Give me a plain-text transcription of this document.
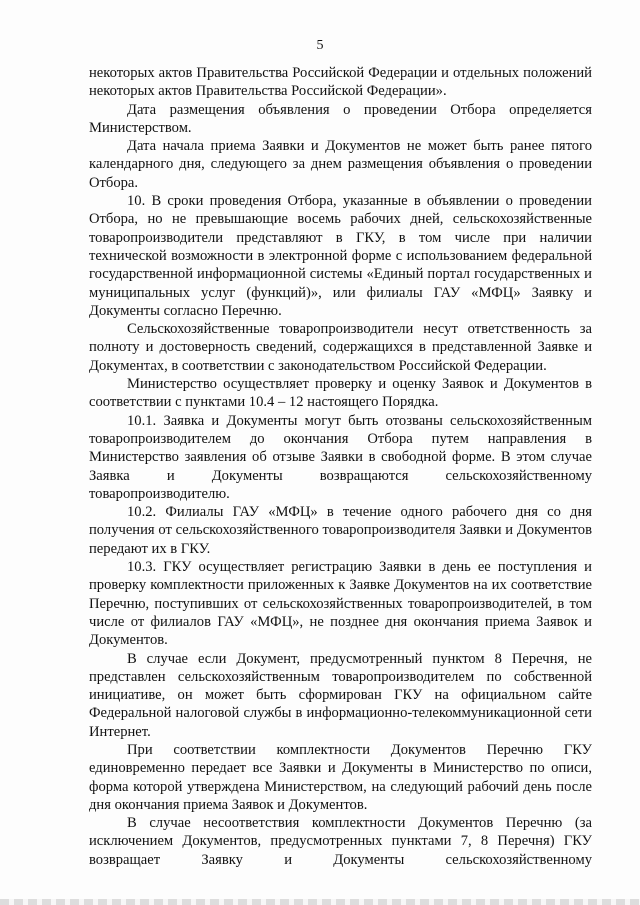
5

некоторых актов Правительства Российской Федерации и отдельных положений некоторых актов Правительства Российской Федерации».

Дата размещения объявления о проведении Отбора определяется Министерством.

Дата начала приема Заявки и Документов не может быть ранее пятого календарного дня, следующего за днем размещения объявления о проведении Отбора.

10. В сроки проведения Отбора, указанные в объявлении о проведении Отбора, но не превышающие восемь рабочих дней, сельскохозяйственные товаропроизводители представляют в ГКУ, в том числе при наличии технической возможности в электронной форме с использованием федеральной государственной информационной системы «Единый портал государственных и муниципальных услуг (функций)», или филиалы ГАУ «МФЦ» Заявку и Документы согласно Перечню.

Сельскохозяйственные товаропроизводители несут ответственность за полноту и достоверность сведений, содержащихся в представленной Заявке и Документах, в соответствии с законодательством Российской Федерации.

Министерство осуществляет проверку и оценку Заявок и Документов в соответствии с пунктами 10.4 – 12 настоящего Порядка.

10.1. Заявка и Документы могут быть отозваны сельскохозяйственным товаропроизводителем до окончания Отбора путем направления в Министерство заявления об отзыве Заявки в свободной форме. В этом случае Заявка и Документы возвращаются сельскохозяйственному товаропроизводителю.

10.2. Филиалы ГАУ «МФЦ» в течение одного рабочего дня со дня получения от сельскохозяйственного товаропроизводителя Заявки и Документов передают их в ГКУ.

10.3. ГКУ осуществляет регистрацию Заявки в день ее поступления и проверку комплектности приложенных к Заявке Документов на их соответствие Перечню, поступивших от сельскохозяйственных товаропроизводителей, в том числе от филиалов ГАУ «МФЦ», не позднее дня окончания приема Заявок и Документов.

В случае если Документ, предусмотренный пунктом 8 Перечня, не представлен сельскохозяйственным товаропроизводителем по собственной инициативе, он может быть сформирован ГКУ на официальном сайте Федеральной налоговой службы в информационно-телекоммуникационной сети Интернет.

При соответствии комплектности Документов Перечню ГКУ единовременно передает все Заявки и Документы в Министерство по описи, форма которой утверждена Министерством, на следующий рабочий день после дня окончания приема Заявок и Документов.

В случае несоответствия комплектности Документов Перечню (за исключением Документов, предусмотренных пунктами 7, 8 Перечня) ГКУ возвращает Заявку и Документы сельскохозяйственному
